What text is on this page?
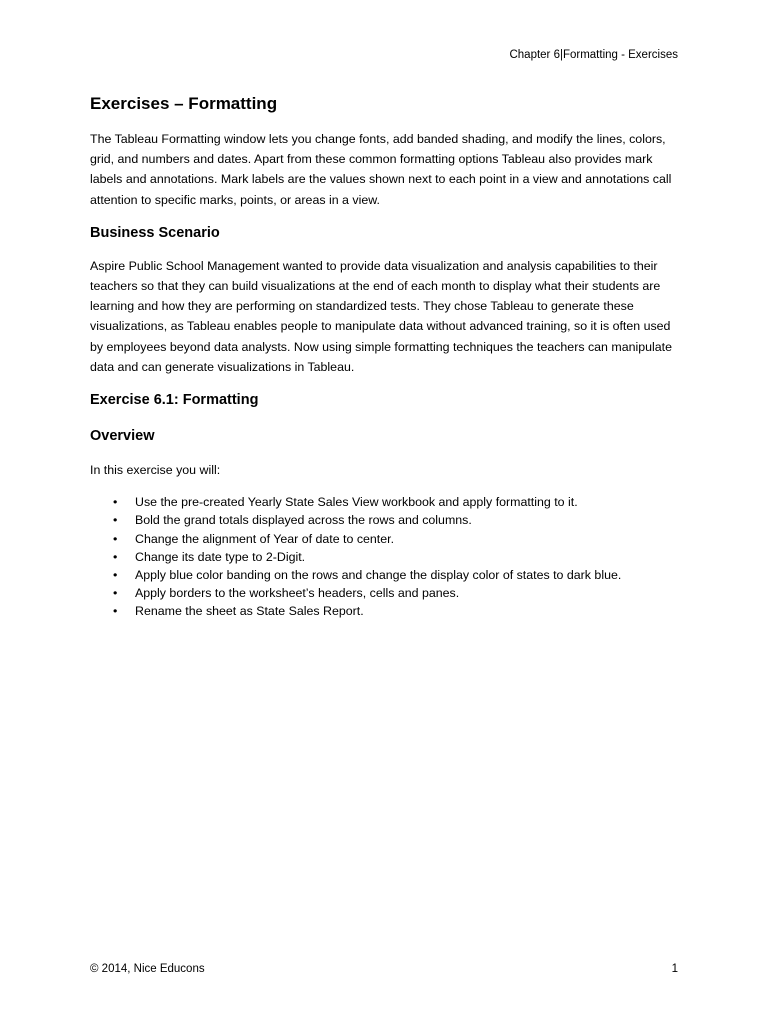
Chapter 6|Formatting - Exercises
Exercises – Formatting

The Tableau Formatting window lets you change fonts, add banded shading, and modify the lines, colors, grid, and numbers and dates. Apart from these common formatting options Tableau also provides mark labels and annotations. Mark labels are the values shown next to each point in a view and annotations call attention to specific marks, points, or areas in a view.

Business Scenario

Aspire Public School Management wanted to provide data visualization and analysis capabilities to their teachers so that they can build visualizations at the end of each month to display what their students are learning and how they are performing on standardized tests. They chose Tableau to generate these visualizations, as Tableau enables people to manipulate data without advanced training, so it is often used by employees beyond data analysts. Now using simple formatting techniques the teachers can manipulate data and can generate visualizations in Tableau.

Exercise 6.1: Formatting
Overview

In this exercise you will:

• Use the pre-created Yearly State Sales View workbook and apply formatting to it.
• Bold the grand totals displayed across the rows and columns.
• Change the alignment of Year of date to center.
• Change its date type to 2-Digit.
• Apply blue color banding on the rows and change the display color of states to dark blue.
• Apply borders to the worksheet’s headers, cells and panes.
• Rename the sheet as State Sales Report.
© 2014, Nice Educons	1
